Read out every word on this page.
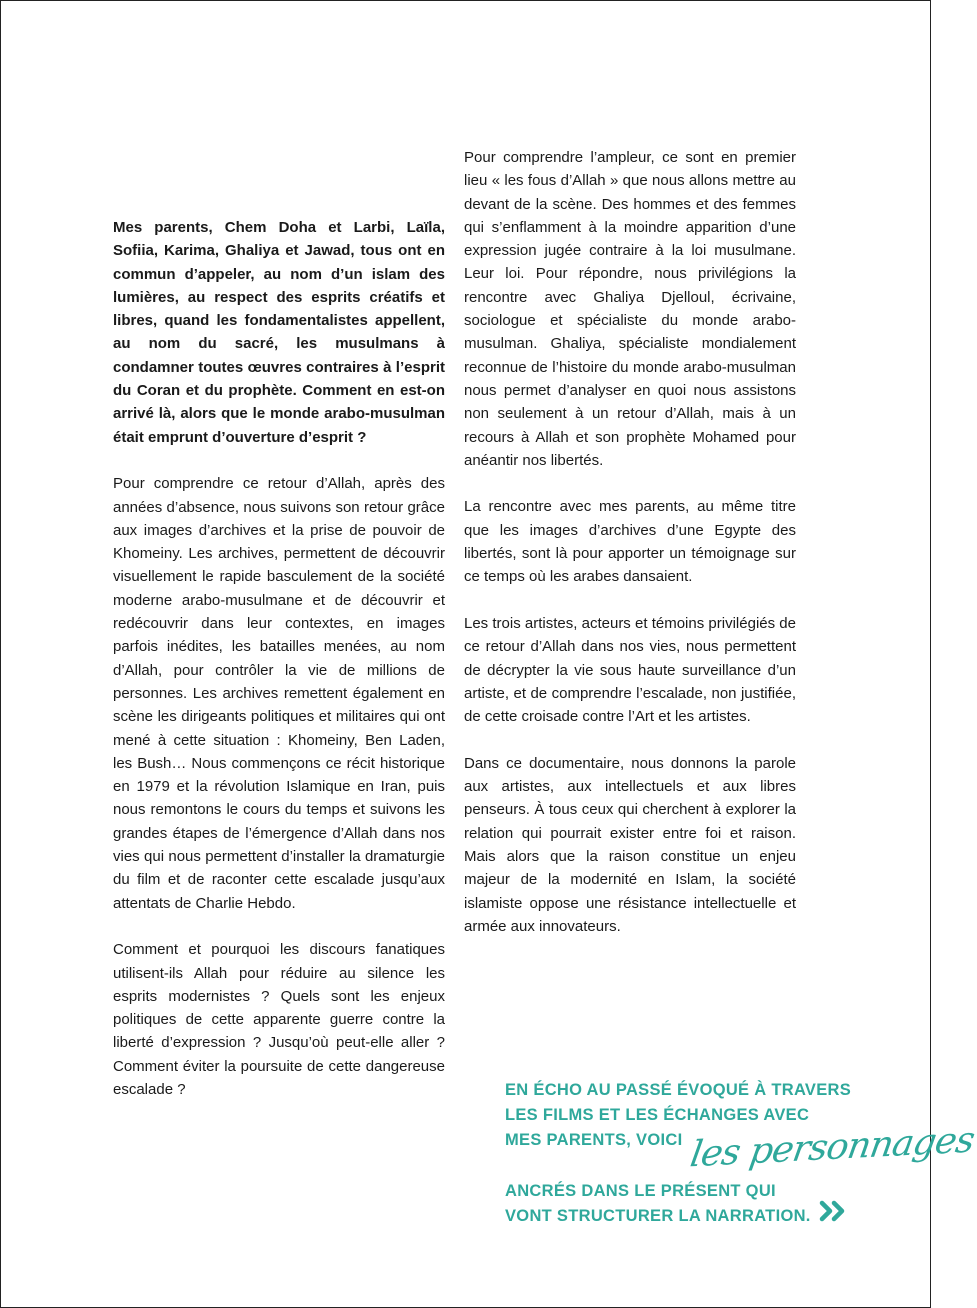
Mes parents, Chem Doha et Larbi, Laïla, Sofiia, Karima, Ghaliya et Jawad, tous ont en commun d’appeler, au nom d’un islam des lumières, au respect des esprits créatifs et libres, quand les fondamentalistes appellent, au nom du sacré, les musulmans à condamner toutes œuvres contraires à l’esprit du Coran et du prophète. Comment en est-on arrivé là, alors que le monde arabo-musulman était emprunt d’ouverture d’esprit ?

Pour comprendre ce retour d’Allah, après des années d’absence, nous suivons son retour grâce aux images d’archives et la prise de pouvoir de Khomeiny. Les archives, permettent de découvrir visuellement le rapide basculement de la société moderne arabo-musulmane et de découvrir et redécouvrir dans leur contextes, en images parfois inédites, les batailles menées, au nom d’Allah, pour contrôler la vie de millions de personnes. Les archives remettent également en scène les dirigeants politiques et militaires qui ont mené à cette situation : Khomeiny, Ben Laden, les Bush… Nous commençons ce récit historique en 1979 et la révolution Islamique en Iran, puis nous remontons le cours du temps et suivons les grandes étapes de l’émergence d’Allah dans nos vies qui nous permettent d’installer la dramaturgie du film et de raconter cette escalade jusqu’aux attentats de Charlie Hebdo.

Comment et pourquoi les discours fanatiques utilisent-ils Allah pour réduire au silence les esprits modernistes ? Quels sont les enjeux politiques de cette apparente guerre contre la liberté d’expression ? Jusqu’où peut-elle aller ? Comment éviter la poursuite de cette dangereuse escalade ?

Pour comprendre l’ampleur, ce sont en premier lieu « les fous d’Allah » que nous allons mettre au devant de la scène. Des hommes et des femmes qui s’enflamment à la moindre apparition d’une expression jugée contraire à la loi musulmane. Leur loi. Pour répondre, nous privilégions la rencontre avec Ghaliya Djelloul, écrivaine, sociologue et spécialiste du monde arabo-musulman. Ghaliya, spécialiste mondialement reconnue de l’histoire du monde arabo-musulman nous permet d’analyser en quoi nous assistons non seulement à un retour d’Allah, mais à un recours à Allah et son prophète Mohamed pour anéantir nos libertés.

La rencontre avec mes parents, au même titre que les images d’archives d’une Egypte des libertés, sont là pour apporter un témoignage sur ce temps où les arabes dansaient.

Les trois artistes, acteurs et témoins privilégiés de ce retour d’Allah dans nos vies, nous permettent de décrypter la vie sous haute surveillance d’un artiste, et de comprendre l’escalade, non justifiée, de cette croisade contre l’Art et les artistes.

Dans ce documentaire, nous donnons la parole aux artistes, aux intellectuels et aux libres penseurs. À tous ceux qui cherchent à explorer la relation qui pourrait exister entre foi et raison. Mais alors que la raison constitue un enjeu majeur de la modernité en Islam, la société islamiste oppose une résistance intellectuelle et armée aux innovateurs.

EN ÉCHO AU PASSÉ ÉVOQUÉ À TRAVERS
LES FILMS ET LES ÉCHANGES AVEC
MES PARENTS, VOICI
ANCRÉS DANS LE PRÉSENT QUI
VONT STRUCTURER LA NARRATION.
les personnages
